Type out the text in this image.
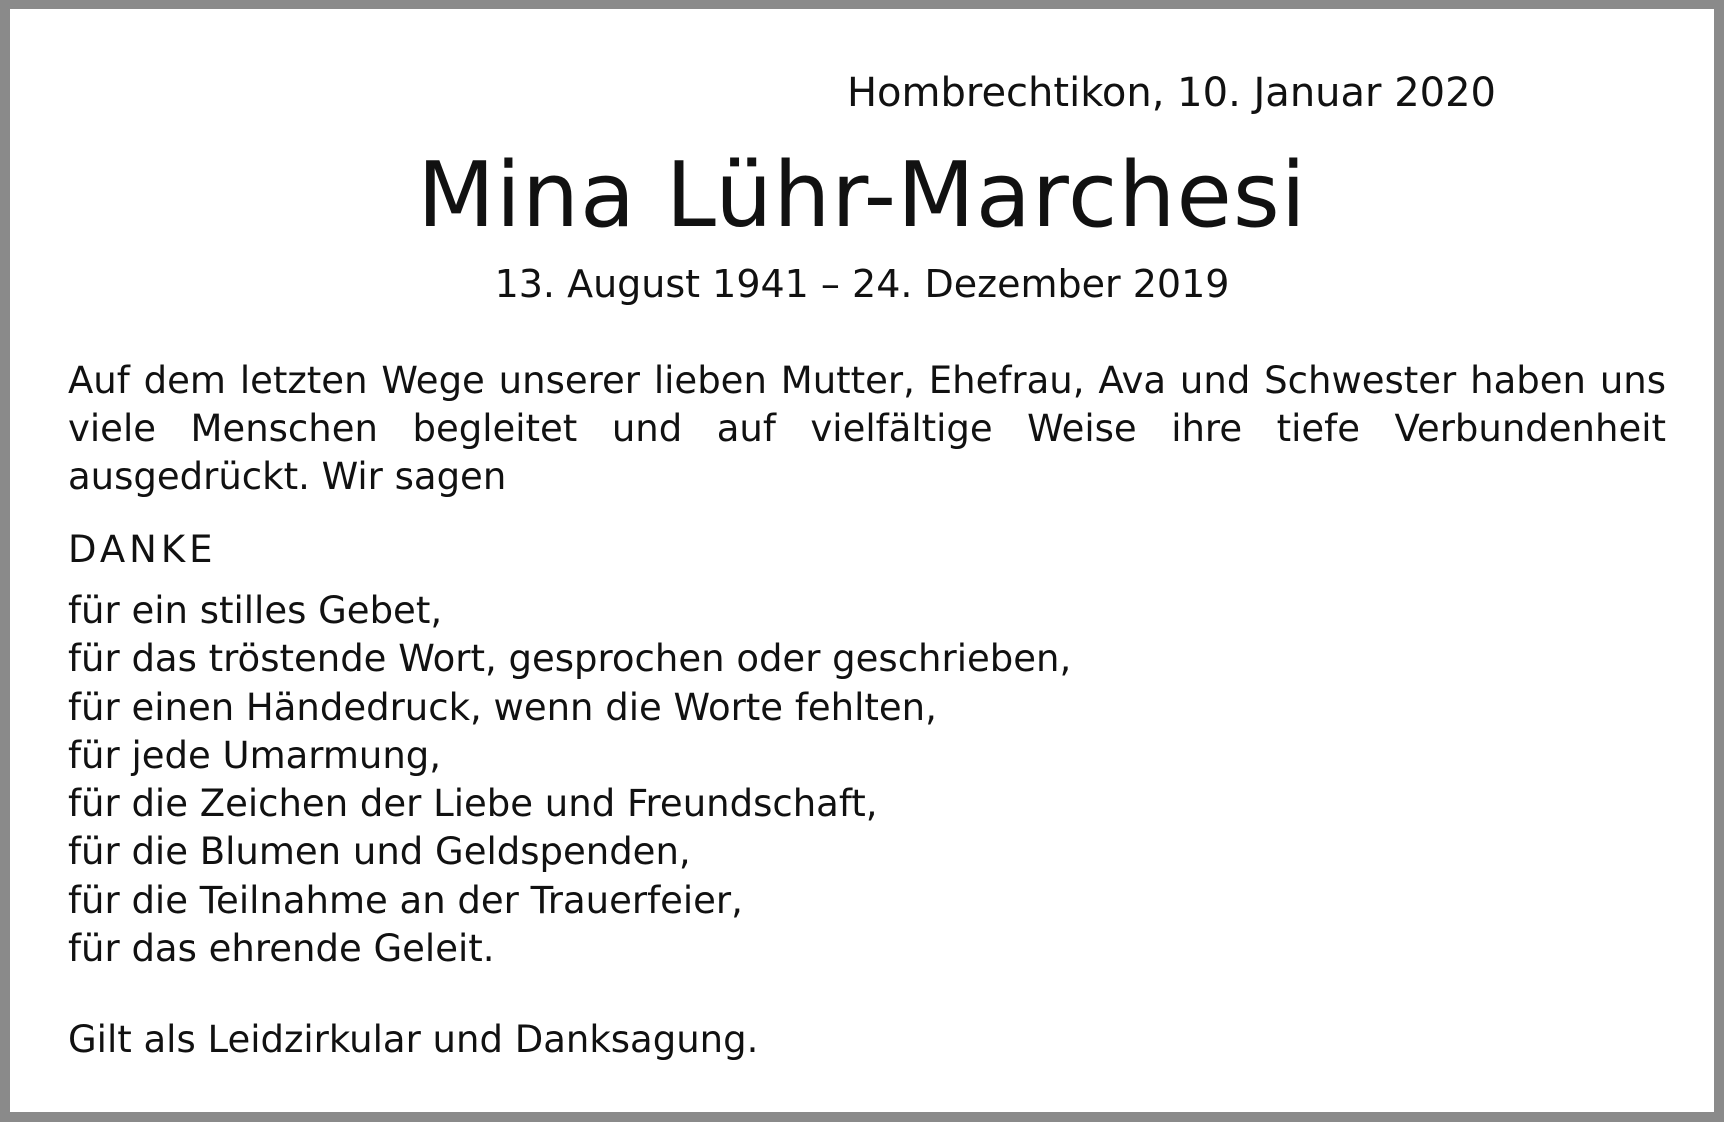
Hombrechtikon, 10. Januar 2020
Mina Lühr-Marchesi
13. August 1941 – 24. Dezember 2019
Auf dem letzten Wege unserer lieben Mutter, Ehefrau, Ava und Schwester haben uns viele Menschen begleitet und auf vielfältige Weise ihre tiefe Verbundenheit ausgedrückt. Wir sagen
DANKE
für ein stilles Gebet,
für das tröstende Wort, gesprochen oder geschrieben,
für einen Händedruck, wenn die Worte fehlten,
für jede Umarmung,
für die Zeichen der Liebe und Freundschaft,
für die Blumen und Geldspenden,
für die Teilnahme an der Trauerfeier,
für das ehrende Geleit.
Gilt als Leidzirkular und Danksagung.
